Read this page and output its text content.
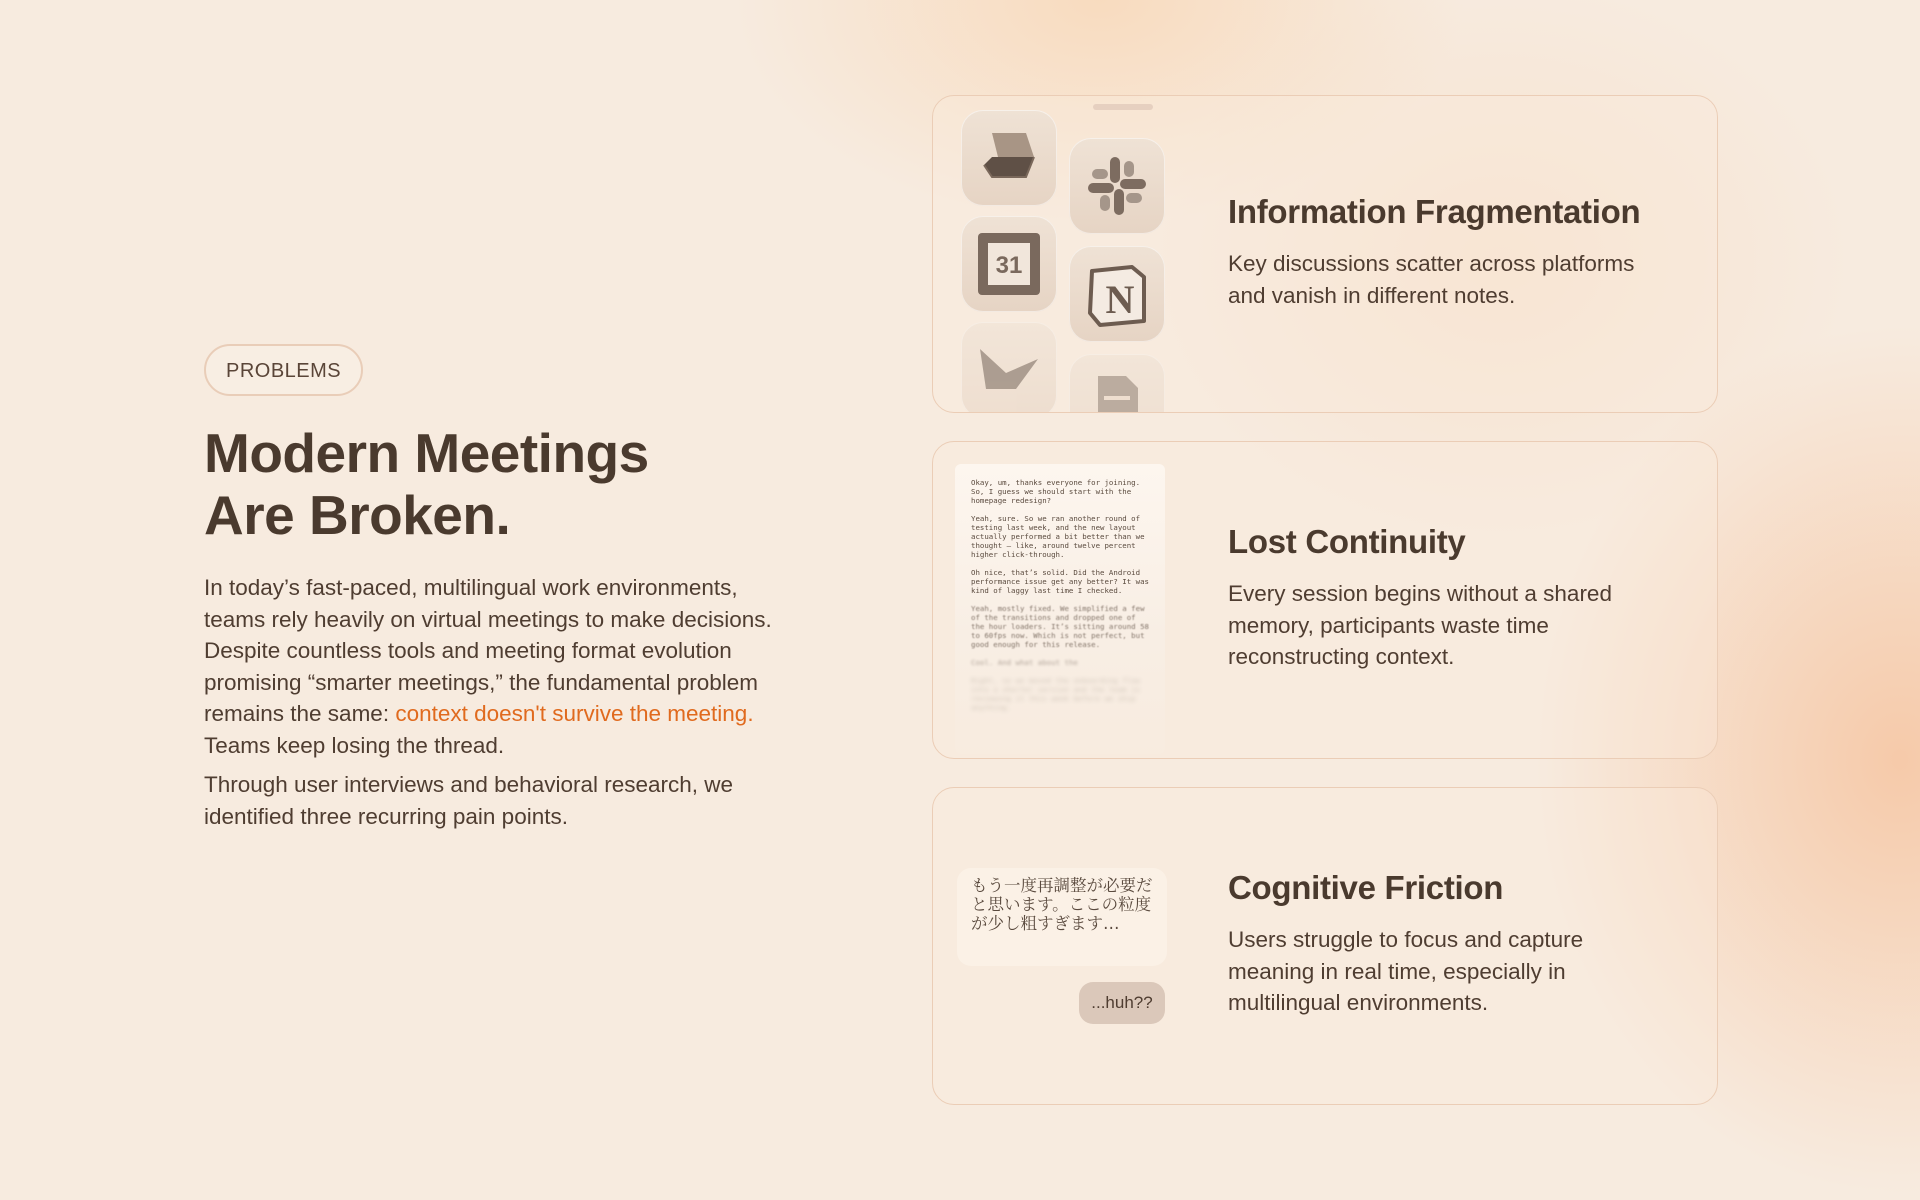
PROBLEMS
Modern Meetings
Are Broken.

In today’s fast-paced, multilingual work environments, teams rely heavily on virtual meetings to make decisions. Despite countless tools and meeting format evolution promising “smarter meetings,” the fundamental problem remains the same: context doesn't survive the meeting. Teams keep losing the thread.

Through user interviews and behavioral research, we identified three recurring pain points.

31
N
Information Fragmentation
Key discussions scatter across platforms and vanish in different notes.

Okay, um, thanks everyone for joining. So, I guess we should start with the homepage redesign?

Yeah, sure. So we ran another round of testing last week, and the new layout actually performed a bit better than we thought — like, around twelve percent higher click-through.

Oh nice, that’s solid. Did the Android performance issue get any better? It was kind of laggy last time I checked.

Yeah, mostly fixed. We simplified a few of the transitions and dropped one of the hour loaders. It’s sitting around 58 to 60fps now. Which is not perfect, but good enough for this release.

Cool. And what about the

Right, so we moved the onboarding flow into a shorter version and the team is reviewing it this week before we ship anything.

Lost Continuity
Every session begins without a shared memory, participants waste time reconstructing context.
もう一度再調整が必要だと思います。ここの粒度が少し粗すぎます…
...huh??
Cognitive Friction
Users struggle to focus and capture meaning in real time, especially in multilingual environments.
